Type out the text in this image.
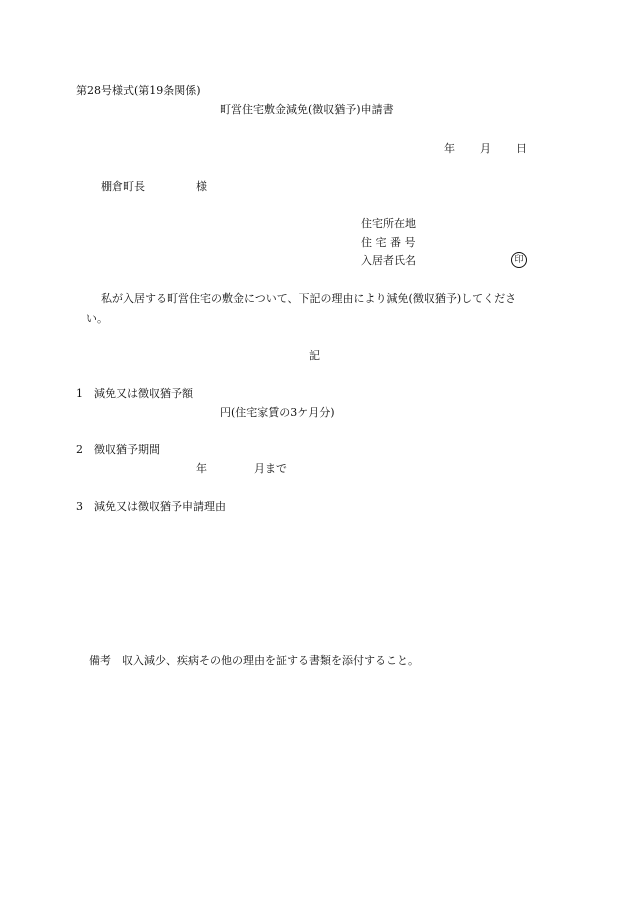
第28号様式(第19条関係)
町営住宅敷金減免(徴収猶予)申請書
年 月 日
棚倉町長	様
住宅所在地
住 宅 番 号
入居者氏名	印
私が入居する町営住宅の敷金について、下記の理由により減免(徴収猶予)してくださ
い。
記
1　減免又は徴収猶予額
円(住宅家賃の3ケ月分)
2　徴収猶予期間
年	月まで
3　減免又は徴収猶予申請理由
備考　収入減少、疾病その他の理由を証する書類を添付すること。
